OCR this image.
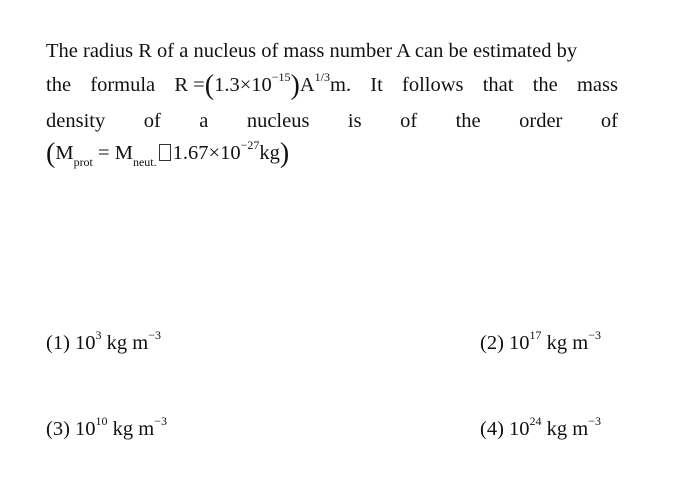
The radius R of a nucleus of mass number A can be estimated by
the formula $R =(1.3\times 10^{-15})A^{1/3}m$. It follows that the mass
density of a nucleus is of the order of
($M_{prot} = M_{neut.}$ $1.67\times 10^{-27}kg$)
(1) $10^3$ kg $m^{-3}$	(2) $10^{17}$ kg $m^{-3}$
(3) $10^{10}$ kg $m^{-3}$	(4) $10^{24}$ kg $m^{-3}$
